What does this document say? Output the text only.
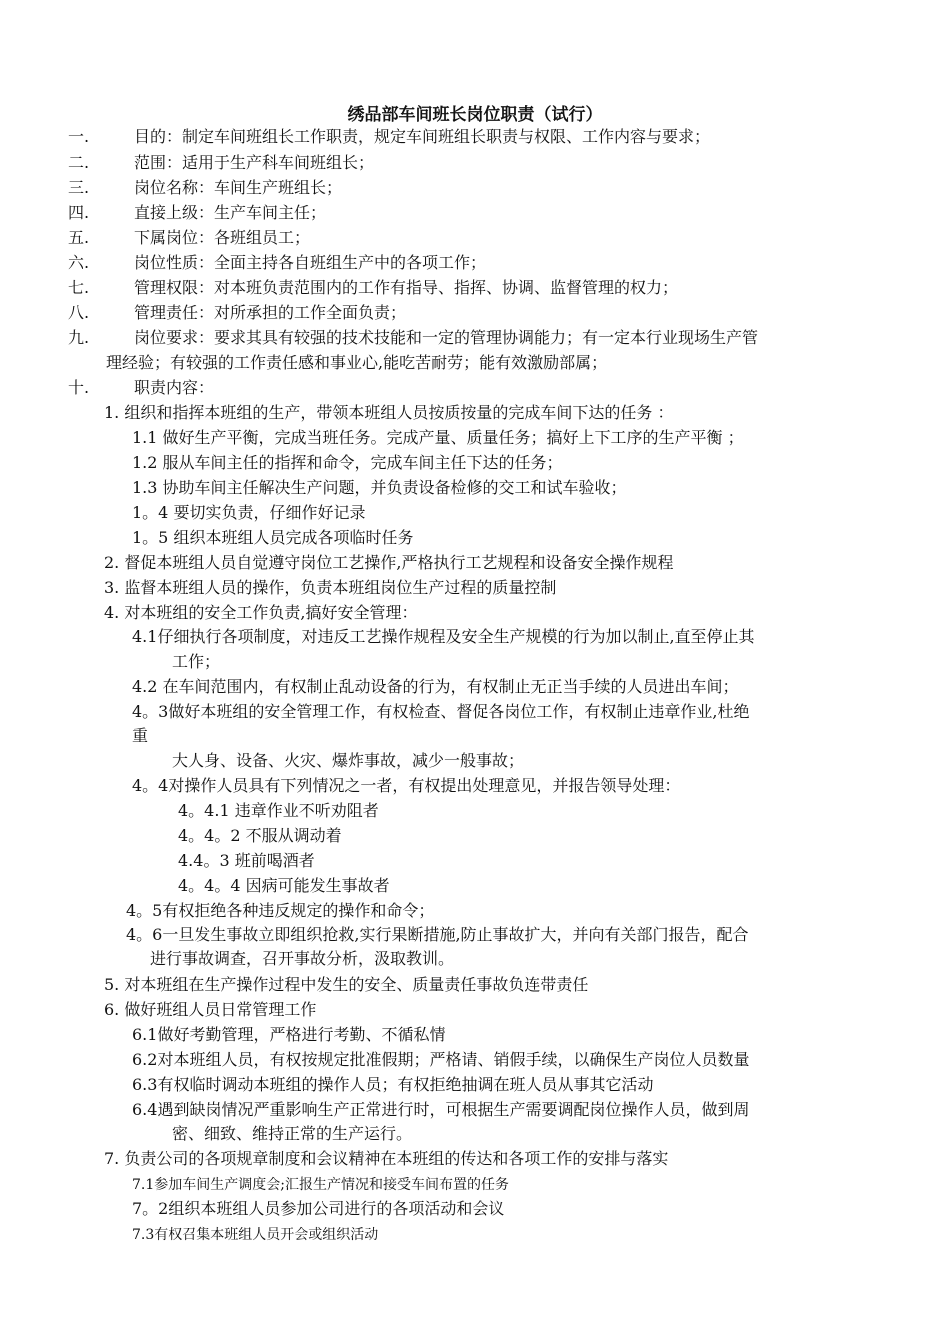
绣品部车间班长岗位职责（试行）
一.	目的：制定车间班组长工作职责，规定车间班组长职责与权限、工作内容与要求；
二.	范围：适用于生产科车间班组长；
三.	岗位名称：车间生产班组长；
四.	直接上级：生产车间主任；
五.	下属岗位：各班组员工；
六.	岗位性质：全面主持各自班组生产中的各项工作；
七.	管理权限：对本班负责范围内的工作有指导、指挥、协调、监督管理的权力；
八.	管理责任：对所承担的工作全面负责；
九.	岗位要求：要求其具有较强的技术技能和一定的管理协调能力；有一定本行业现场生产管
理经验；有较强的工作责任感和事业心,能吃苦耐劳；能有效激励部属；
十.	职责内容：
1. 组织和指挥本班组的生产，带领本班组人员按质按量的完成车间下达的任务 ：
1.1 做好生产平衡，完成当班任务。完成产量、质量任务；搞好上下工序的生产平衡 ；
1.2 服从车间主任的指挥和命令，完成车间主任下达的任务；
1.3 协助车间主任解决生产问题，并负责设备检修的交工和试车验收；
1。4 要切实负责，仔细作好记录
1。5 组织本班组人员完成各项临时任务
2. 督促本班组人员自觉遵守岗位工艺操作,严格执行工艺规程和设备安全操作规程
3. 监督本班组人员的操作，负责本班组岗位生产过程的质量控制
4. 对本班组的安全工作负责,搞好安全管理：
4.1仔细执行各项制度，对违反工艺操作规程及安全生产规模的行为加以制止,直至停止其
工作；
4.2 在车间范围内，有权制止乱动设备的行为，有权制止无正当手续的人员进出车间；
4。3做好本班组的安全管理工作，有权检查、督促各岗位工作，有权制止违章作业,杜绝
重
大人身、设备、火灾、爆炸事故，减少一般事故；
4。4对操作人员具有下列情况之一者，有权提出处理意见，并报告领导处理：
4。4.1 违章作业不听劝阻者
4。4。2 不服从调动着
4.4。3 班前喝酒者
4。4。4 因病可能发生事故者
4。5有权拒绝各种违反规定的操作和命令；
4。6一旦发生事故立即组织抢救,实行果断措施,防止事故扩大，并向有关部门报告，配合
进行事故调查，召开事故分析，汲取教训。
5. 对本班组在生产操作过程中发生的安全、质量责任事故负连带责任
6. 做好班组人员日常管理工作
6.1做好考勤管理，严格进行考勤、不循私情
6.2对本班组人员，有权按规定批准假期；严格请、销假手续，以确保生产岗位人员数量
6.3有权临时调动本班组的操作人员；有权拒绝抽调在班人员从事其它活动
6.4遇到缺岗情况严重影响生产正常进行时，可根据生产需要调配岗位操作人员，做到周
密、细致、维持正常的生产运行。
7. 负责公司的各项规章制度和会议精神在本班组的传达和各项工作的安排与落实
7.1参加车间生产调度会;汇报生产情况和接受车间布置的任务
7。2组织本班组人员参加公司进行的各项活动和会议
7.3有权召集本班组人员开会或组织活动
